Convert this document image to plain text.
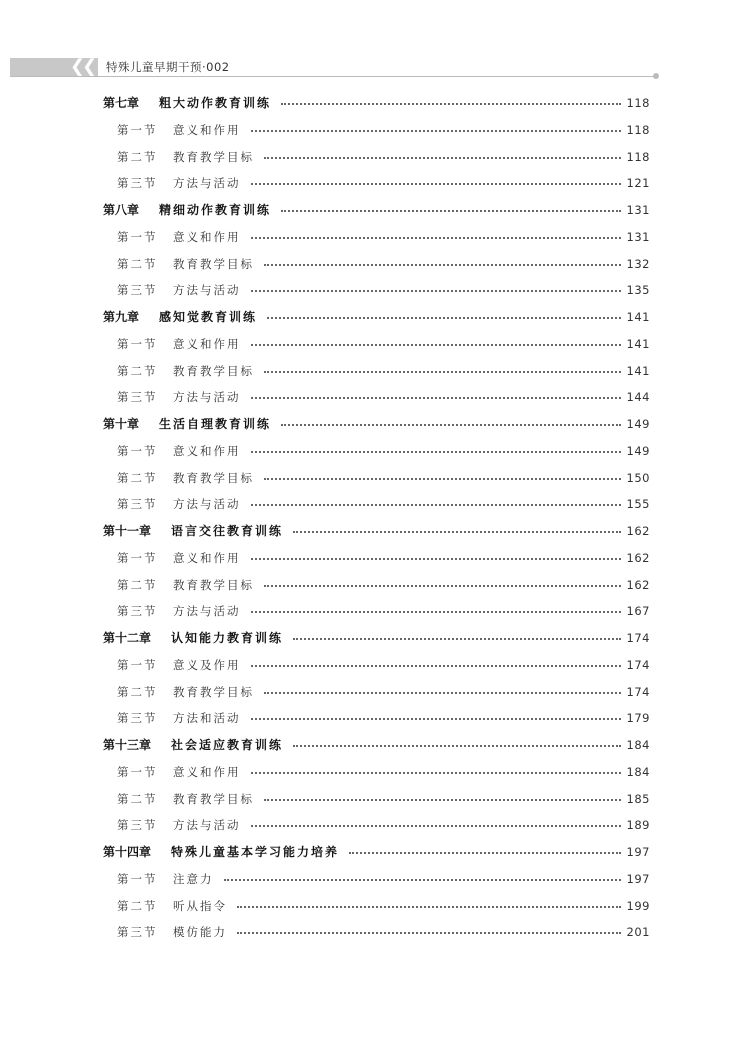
❮❮ 特殊儿童早期干预·002
第七章	粗大动作教育训练	118
第一节	意义和作用	118
第二节	教育教学目标	118
第三节	方法与活动	121
第八章	精细动作教育训练	131
第一节	意义和作用	131
第二节	教育教学目标	132
第三节	方法与活动	135
第九章	感知觉教育训练	141
第一节	意义和作用	141
第二节	教育教学目标	141
第三节	方法与活动	144
第十章	生活自理教育训练	149
第一节	意义和作用	149
第二节	教育教学目标	150
第三节	方法与活动	155
第十一章	语言交往教育训练	162
第一节	意义和作用	162
第二节	教育教学目标	162
第三节	方法与活动	167
第十二章	认知能力教育训练	174
第一节	意义及作用	174
第二节	教育教学目标	174
第三节	方法和活动	179
第十三章	社会适应教育训练	184
第一节	意义和作用	184
第二节	教育教学目标	185
第三节	方法与活动	189
第十四章	特殊儿童基本学习能力培养	197
第一节	注意力	197
第二节	听从指令	199
第三节	模仿能力	201
